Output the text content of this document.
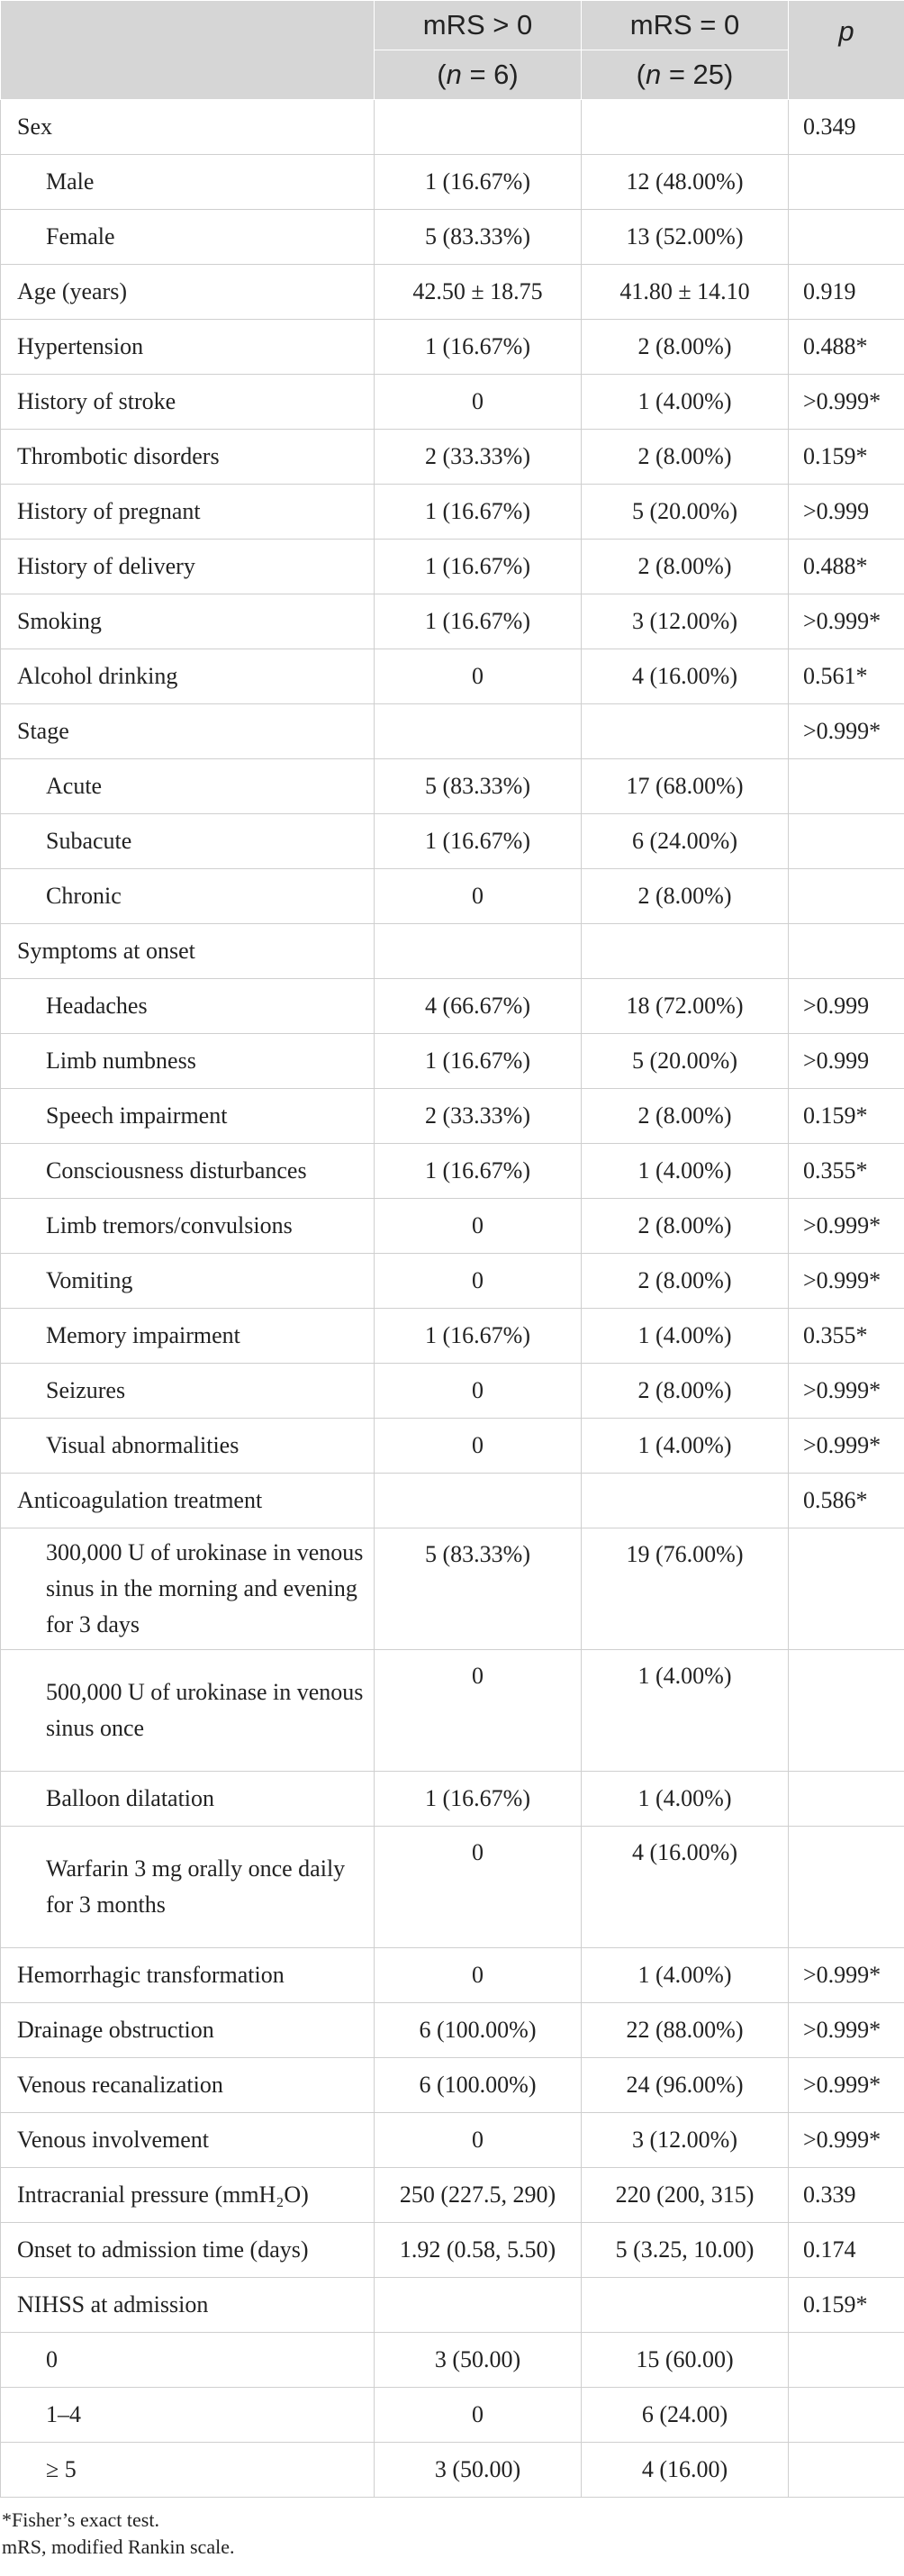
	mRS > 0	mRS = 0	p
	(n = 6)	(n = 25)	
Sex			0.349
Male	1 (16.67%)	12 (48.00%)	
Female	5 (83.33%)	13 (52.00%)	
Age (years)	42.50 ± 18.75	41.80 ± 14.10	0.919
Hypertension	1 (16.67%)	2 (8.00%)	0.488*
History of stroke	0	1 (4.00%)	>0.999*
Thrombotic disorders	2 (33.33%)	2 (8.00%)	0.159*
History of pregnant	1 (16.67%)	5 (20.00%)	>0.999
History of delivery	1 (16.67%)	2 (8.00%)	0.488*
Smoking	1 (16.67%)	3 (12.00%)	>0.999*
Alcohol drinking	0	4 (16.00%)	0.561*
Stage			>0.999*
Acute	5 (83.33%)	17 (68.00%)	
Subacute	1 (16.67%)	6 (24.00%)	
Chronic	0	2 (8.00%)	
Symptoms at onset			
Headaches	4 (66.67%)	18 (72.00%)	>0.999
Limb numbness	1 (16.67%)	5 (20.00%)	>0.999
Speech impairment	2 (33.33%)	2 (8.00%)	0.159*
Consciousness disturbances	1 (16.67%)	1 (4.00%)	0.355*
Limb tremors/convulsions	0	2 (8.00%)	>0.999*
Vomiting	0	2 (8.00%)	>0.999*
Memory impairment	1 (16.67%)	1 (4.00%)	0.355*
Seizures	0	2 (8.00%)	>0.999*
Visual abnormalities	0	1 (4.00%)	>0.999*
Anticoagulation treatment			0.586*
300,000 U of urokinase in venous sinus in the morning and evening for 3 days	5 (83.33%)	19 (76.00%)	
500,000 U of urokinase in venous sinus once	0	1 (4.00%)	
Balloon dilatation	1 (16.67%)	1 (4.00%)	
Warfarin 3 mg orally once daily for 3 months	0	4 (16.00%)	
Hemorrhagic transformation	0	1 (4.00%)	>0.999*
Drainage obstruction	6 (100.00%)	22 (88.00%)	>0.999*
Venous recanalization	6 (100.00%)	24 (96.00%)	>0.999*
Venous involvement	0	3 (12.00%)	>0.999*
Intracranial pressure (mmH₂O)	250 (227.5, 290)	220 (200, 315)	0.339
Onset to admission time (days)	1.92 (0.58, 5.50)	5 (3.25, 10.00)	0.174
NIHSS at admission			0.159*
0	3 (50.00)	15 (60.00)	
1–4	0	6 (24.00)	
≥ 5	3 (50.00)	4 (16.00)	
*Fisher’s exact test.
mRS, modified Rankin scale.
